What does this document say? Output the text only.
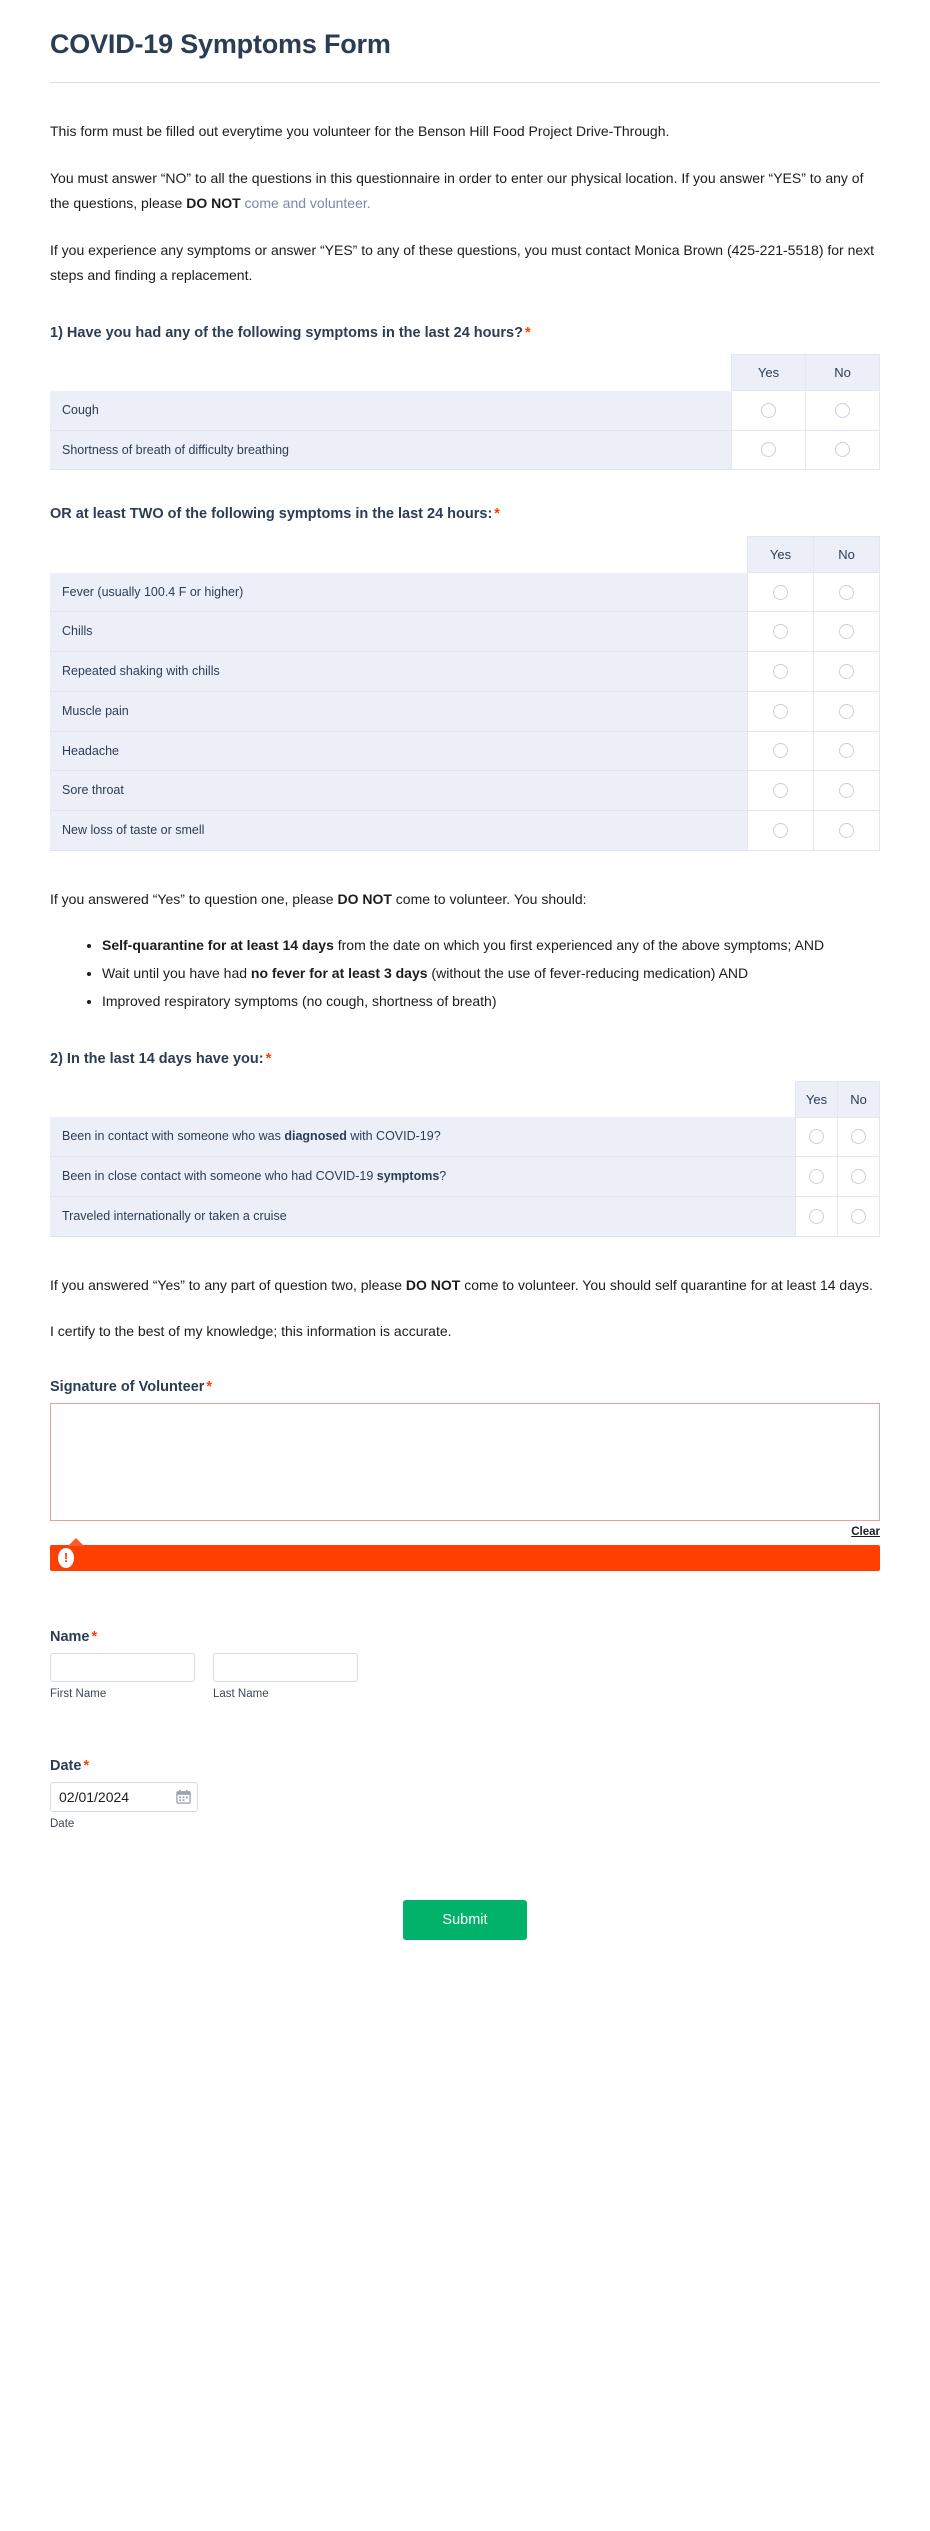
COVID-19 Symptoms Form

This form must be filled out everytime you volunteer for the Benson Hill Food Project Drive-Through.

You must answer “NO” to all the questions in this questionnaire in order to enter our physical location. If you answer “YES” to any of the questions, please DO NOT come and volunteer.

If you experience any symptoms or answer “YES” to any of these questions, you must contact Monica Brown (425-221-5518) for next steps and finding a replacement.

1) Have you had any of the following symptoms in the last 24 hours? *
	Yes	No
Cough		
Shortness of breath of difficulty breathing		
OR at least TWO of the following symptoms in the last 24 hours: *
	Yes	No
Fever (usually 100.4 F or higher)		
Chills		
Repeated shaking with chills		
Muscle pain		
Headache		
Sore throat		
New loss of taste or smell		

If you answered “Yes” to question one, please DO NOT come to volunteer. You should:

• Self-quarantine for at least 14 days from the date on which you first experienced any of the above symptoms; AND
• Wait until you have had no fever for at least 3 days (without the use of fever-reducing medication) AND
• Improved respiratory symptoms (no cough, shortness of breath)
2) In the last 14 days have you: *
	Yes	No
Been in contact with someone who was diagnosed with COVID-19?		
Been in close contact with someone who had COVID-19 symptoms?		
Traveled internationally or taken a cruise		

If you answered “Yes” to any part of question two, please DO NOT come to volunteer. You should self quarantine for at least 14 days.

I certify to the best of my knowledge; this information is accurate.

Signature of Volunteer *
Clear
!
Name *
First Name	Last Name
Date *
02/01/2024
Date
Submit
